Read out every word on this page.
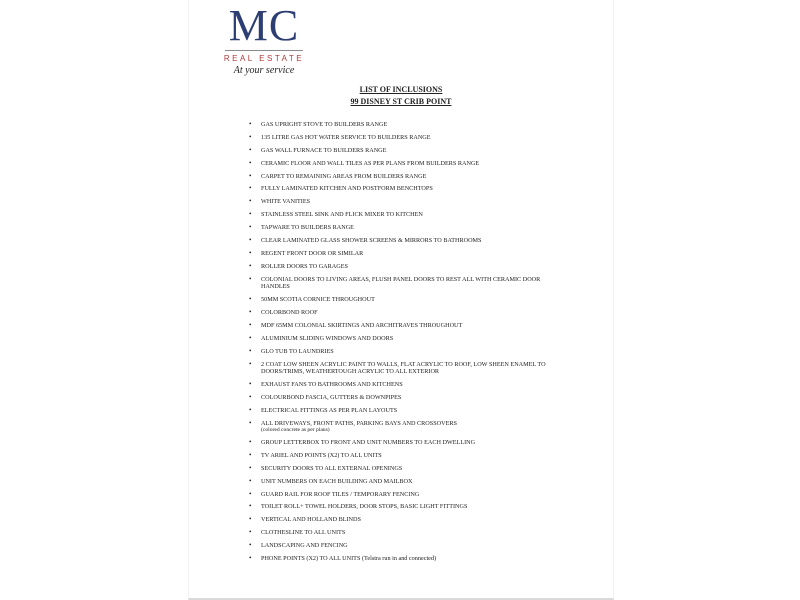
MC
REAL ESTATE
At your service
LIST OF INCLUSIONS
99 DISNEY ST CRIB POINT
• GAS UPRIGHT STOVE TO BUILDERS RANGE
• 135 LITRE GAS HOT WATER SERVICE TO BUILDERS RANGE
• GAS WALL FURNACE TO BUILDERS RANGE
• CERAMIC FLOOR AND WALL TILES AS PER PLANS FROM BUILDERS RANGE
• CARPET TO REMAINING AREAS FROM BUILDERS RANGE
• FULLY LAMINATED KITCHEN AND POSTFORM BENCHTOPS
• WHITE VANITIES
• STAINLESS STEEL SINK AND FLICK MIXER TO KITCHEN
• TAPWARE TO BUILDERS RANGE
• CLEAR LAMINATED GLASS SHOWER SCREENS & MIRRORS TO BATHROOMS
• REGENT FRONT DOOR OR SIMILAR
• ROLLER DOORS TO GARAGES
• COLONIAL DOORS TO LIVING AREAS, FLUSH PANEL DOORS TO REST ALL WITH CERAMIC DOOR HANDLES
• 50MM SCOTIA CORNICE THROUGHOUT
• COLORBOND ROOF
• MDF 65MM COLONIAL SKIRTINGS AND ARCHITRAVES THROUGHOUT
• ALUMINIUM SLIDING WINDOWS AND DOORS
• GLO TUB TO LAUNDRIES
• 2 COAT LOW SHEEN ACRYLIC PAINT TO WALLS, FLAT ACRYLIC TO ROOF, LOW SHEEN ENAMEL TO DOORS/TRIMS, WEATHERTOUGH ACRYLIC TO ALL EXTERIOR
• EXHAUST FANS TO BATHROOMS AND KITCHENS
• COLOURBOND FASCIA, GUTTERS & DOWNPIPES
• ELECTRICAL FITTINGS AS PER PLAN LAYOUTS
• ALL DRIVEWAYS, FRONT PATHS, PARKING BAYS AND CROSSOVERS
(colored concrete as per plans)
• GROUP LETTERBOX TO FRONT AND UNIT NUMBERS TO EACH DWELLING
• TV ARIEL AND POINTS (X2) TO ALL UNITS
• SECURITY DOORS TO ALL EXTERNAL OPENINGS
• UNIT NUMBERS ON EACH BUILDING AND MAILBOX
• GUARD RAIL FOR ROOF TILES / TEMPORARY FENCING
• TOILET ROLL+ TOWEL HOLDERS, DOOR STOPS, BASIC LIGHT FITTINGS
• VERTICAL AND HOLLAND BLINDS
• CLOTHESLINE TO ALL UNITS
• LANDSCAPING AND FENCING
• PHONE POINTS (X2) TO ALL UNITS (Telstra run in and connected)
